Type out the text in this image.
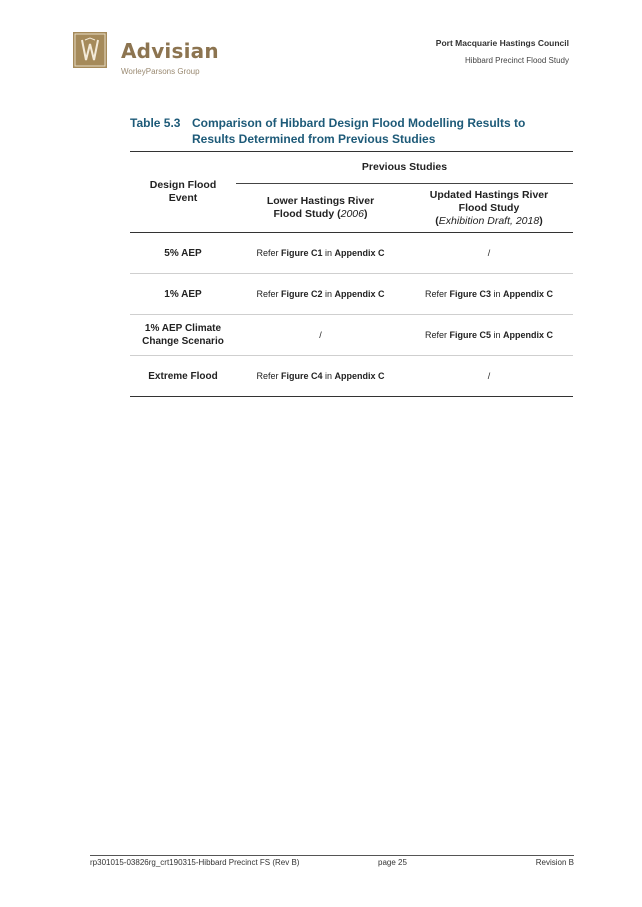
Advisian
WorleyParsons Group
Port Macquarie Hastings Council
Hibbard Precinct Flood Study
Table 5.3 Comparison of Hibbard Design Flood Modelling Results to Results Determined from Previous Studies

Design Flood Event	Previous Studies	

	Lower Hastings River Flood Study (2006)	Updated Hastings River Flood Study
(Exhibition Draft, 2018)

5% AEP	Refer Figure C1 in Appendix C	/
1% AEP	Refer Figure C2 in Appendix C	Refer Figure C3 in Appendix C
1% AEP Climate
Change Scenario	/	Refer Figure C5 in Appendix C
Extreme Flood	Refer Figure C4 in Appendix C	/
rp301015-03826rg_crt190315-Hibbard Precinct FS (Rev B)	page 25	Revision B
